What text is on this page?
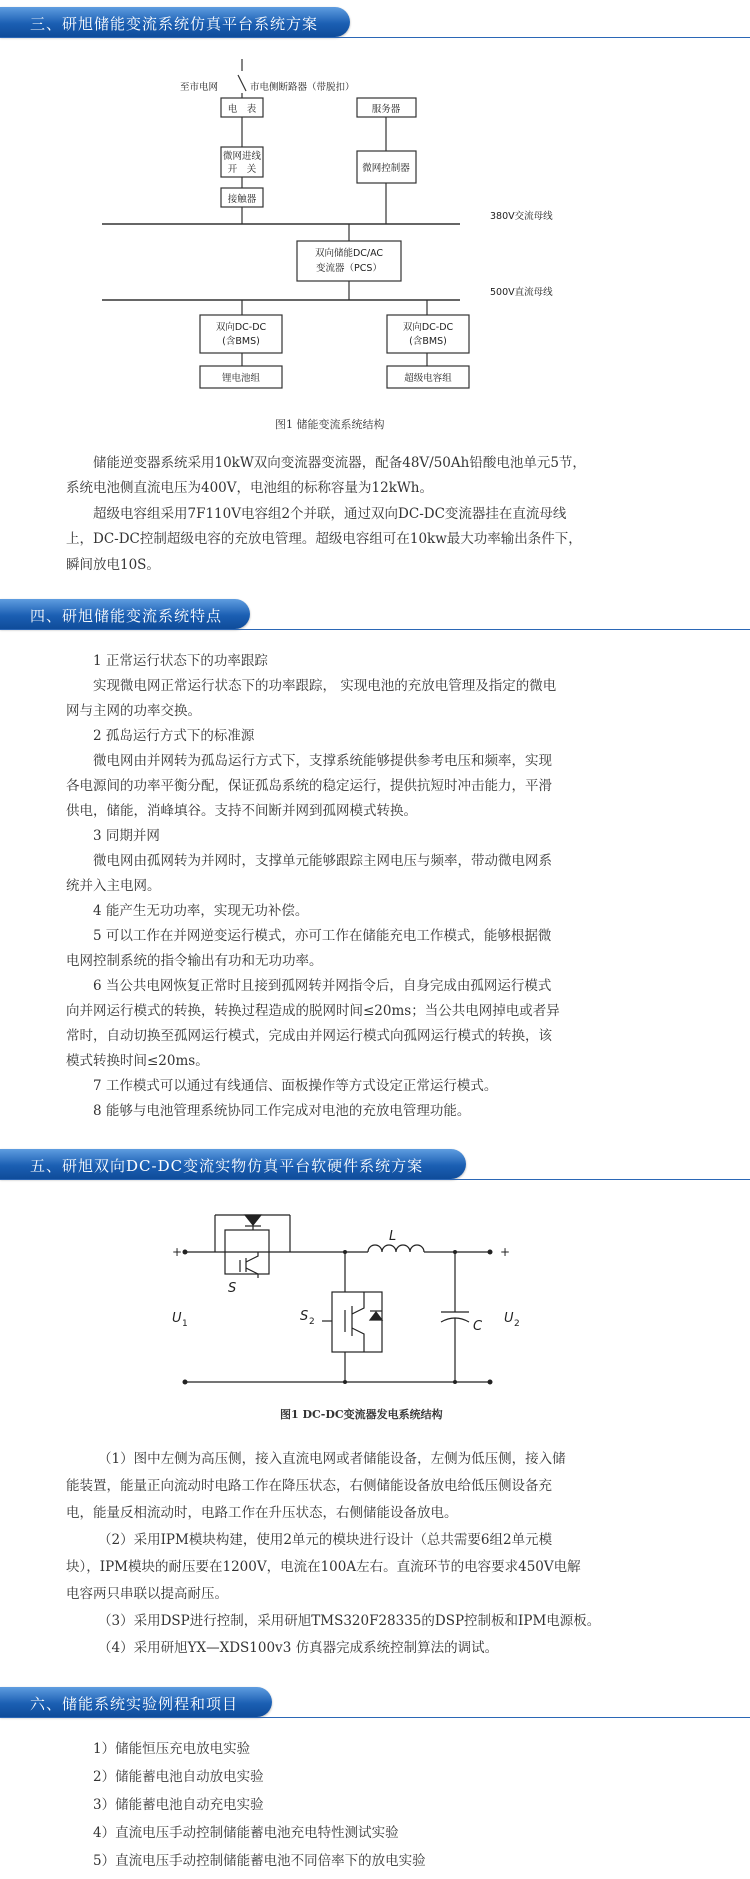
三、研旭储能变流系统仿真平台系统方案
至市电网	市电侧断路器（带脱扣）
电　表
微网进线
开　关
接触器
服务器
微网控制器
380V交流母线
双向储能DC/AC
变流器（PCS）
500V直流母线
双向DC-DC
(含BMS)
双向DC-DC
(含BMS)
锂电池组	超级电容组
图1 储能变流系统结构
储能逆变器系统采用10kW双向变流器变流器，配备48V/50Ah铅酸电池单元5节，
系统电池侧直流电压为400V，电池组的标称容量为12kWh。
超级电容组采用7F110V电容组2个并联，通过双向DC-DC变流器挂在直流母线
上，DC-DC控制超级电容的充放电管理。超级电容组可在10kw最大功率输出条件下，
瞬间放电10S。
四、研旭储能变流系统特点
1 正常运行状态下的功率跟踪
实现微电网正常运行状态下的功率跟踪， 实现电池的充放电管理及指定的微电
网与主网的功率交换。
2 孤岛运行方式下的标准源
微电网由并网转为孤岛运行方式下，支撑系统能够提供参考电压和频率，实现
各电源间的功率平衡分配，保证孤岛系统的稳定运行，提供抗短时冲击能力，平滑
供电，储能，消峰填谷。支持不间断并网到孤网模式转换。
3 同期并网
微电网由孤网转为并网时，支撑单元能够跟踪主网电压与频率，带动微电网系
统并入主电网。
4 能产生无功功率，实现无功补偿。
5 可以工作在并网逆变运行模式，亦可工作在储能充电工作模式，能够根据微
电网控制系统的指令输出有功和无功功率。
6 当公共电网恢复正常时且接到孤网转并网指令后，自身完成由孤网运行模式
向并网运行模式的转换，转换过程造成的脱网时间≤20ms；当公共电网掉电或者异
常时，自动切换至孤网运行模式，完成由并网运行模式向孤网运行模式的转换，该
模式转换时间≤20ms。
7 工作模式可以通过有线通信、面板操作等方式设定正常运行模式。
8 能够与电池管理系统协同工作完成对电池的充放电管理功能。
五、研旭双向DC-DC变流实物仿真平台软硬件系统方案
L
S
S 2
U 1	U 2
C
+	+
图1 DC-DC变流器发电系统结构
（1）图中左侧为高压侧，接入直流电网或者储能设备，左侧为低压侧，接入储
能装置，能量正向流动时电路工作在降压状态，右侧储能设备放电给低压侧设备充
电，能量反相流动时，电路工作在升压状态，右侧储能设备放电。
（2）采用IPM模块构建，使用2单元的模块进行设计（总共需要6组2单元模
块），IPM模块的耐压要在1200V，电流在100A左右。直流环节的电容要求450V电解
电容两只串联以提高耐压。
（3）采用DSP进行控制，采用研旭TMS320F28335的DSP控制板和IPM电源板。
（4）采用研旭YX—XDS100v3 仿真器完成系统控制算法的调试。
六、储能系统实验例程和项目
1）储能恒压充电放电实验
2）储能蓄电池自动放电实验
3）储能蓄电池自动充电实验
4）直流电压手动控制储能蓄电池充电特性测试实验
5）直流电压手动控制储能蓄电池不同倍率下的放电实验
